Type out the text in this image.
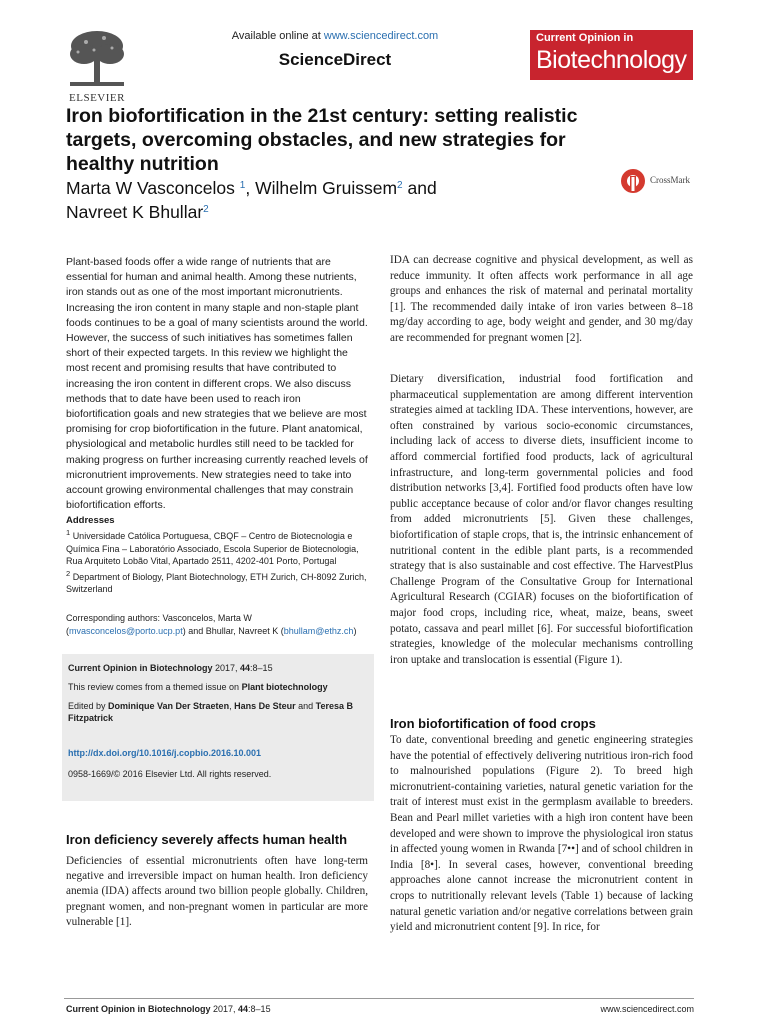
ELSEVIER
Available online at www.sciencedirect.com
ScienceDirect
Current Opinion in
Biotechnology
Iron biofortification in the 21st century: setting realistic targets, overcoming obstacles, and new strategies for healthy nutrition
Marta W Vasconcelos $^1$, Wilhelm Gruissem$^2$ and
Navreet K Bhullar$^2$
CrossMark
Plant-based foods offer a wide range of nutrients that are essential for human and animal health. Among these nutrients, iron stands out as one of the most important micronutrients. Increasing the iron content in many staple and non-staple plant foods continues to be a goal of many scientists around the world. However, the success of such initiatives has sometimes fallen short of their expected targets. In this review we highlight the most recent and promising results that have contributed to increasing the iron content in different crops. We also discuss methods that to date have been used to reach iron biofortification goals and new strategies that we believe are most promising for crop biofortification in the future. Plant anatomical, physiological and metabolic hurdles still need to be tackled for making progress on further increasing currently reached levels of micronutrient improvements. New strategies need to take into account growing environmental challenges that may constrain biofortification efforts.
Addresses
$^1$ Universidade Católica Portuguesa, CBQF – Centro de Biotecnologia e Química Fina – Laboratório Associado, Escola Superior de Biotecnologia, Rua Arquiteto Lobão Vital, Apartado 2511, 4202-401 Porto, Portugal
$^2$ Department of Biology, Plant Biotechnology, ETH Zurich, CH-8092 Zurich, Switzerland
Corresponding authors: Vasconcelos, Marta W
(mvasconcelos@porto.ucp.pt) and Bhullar, Navreet K (bhullam@ethz.ch)

Current Opinion in Biotechnology 2017, 44:8–15

This review comes from a themed issue on Plant biotechnology

Edited by Dominique Van Der Straeten, Hans De Steur and Teresa B Fitzpatrick

http://dx.doi.org/10.1016/j.copbio.2016.10.001

0958-1669/© 2016 Elsevier Ltd. All rights reserved.

Iron deficiency severely affects human health
Deficiencies of essential micronutrients often have long-term negative and irreversible impact on human health. Iron deficiency anemia (IDA) affects around two billion people globally. Children, pregnant women, and non-pregnant women in particular are more vulnerable [1].
IDA can decrease cognitive and physical development, as well as reduce immunity. It often affects work performance in all age groups and enhances the risk of maternal and perinatal mortality [1]. The recommended daily intake of iron varies between 8–18 mg/day according to age, body weight and gender, and 30 mg/day are recommended for pregnant women [2].
Dietary diversification, industrial food fortification and pharmaceutical supplementation are among different intervention strategies aimed at tackling IDA. These interventions, however, are often constrained by various socio-economic circumstances, including lack of access to diverse diets, insufficient income to afford commercial fortified food products, lack of agricultural infrastructure, and long-term governmental policies and food distribution networks [3,4]. Fortified food products often have low public acceptance because of color and/or flavor changes resulting from added micronutrients [5]. Given these challenges, biofortification of staple crops, that is, the intrinsic enhancement of nutritional content in the edible plant parts, is a recommended strategy that is also sustainable and cost effective. The HarvestPlus Challenge Program of the Consultative Group for International Agricultural Research (CGIAR) focuses on the biofortification of major food crops, including rice, wheat, maize, beans, sweet potato, cassava and pearl millet [6]. For successful biofortification strategies, knowledge of the molecular mechanisms controlling iron uptake and translocation is essential (Figure 1).
Iron biofortification of food crops
To date, conventional breeding and genetic engineering strategies have the potential of effectively delivering nutritious iron-rich food to malnourished populations (Figure 2). To breed high micronutrient-containing varieties, natural genetic variation for the trait of interest must exist in the germplasm available to breeders. Bean and Pearl millet varieties with a high iron content have been developed and were shown to improve the physiological iron status in affected young women in Rwanda [7••] and of school children in India [8•]. In several cases, however, conventional breeding approaches alone cannot increase the micronutrient content in crops to nutritionally relevant levels (Table 1) because of lacking natural genetic variation and/or negative correlations between grain yield and micronutrient content [9]. In rice, for
Current Opinion in Biotechnology 2017, 44:8–15	www.sciencedirect.com
